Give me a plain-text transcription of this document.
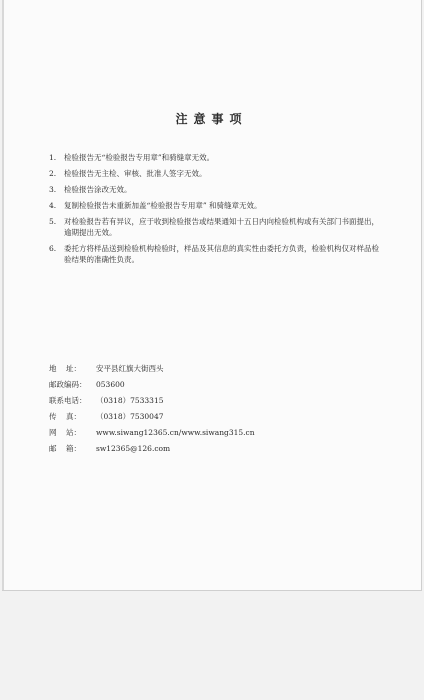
注意事项
1.	检验报告无“检验报告专用章”和骑缝章无效。
2.	检验报告无主检、审核、批准人签字无效。
3.	检验报告涂改无效。
4.	复制检验报告未重新加盖“检验报告专用章” 和骑缝章无效。
5.	对检验报告若有异议，应于收到检验报告或结果通知十五日内向检验机构或有关部门书面提出，逾期提出无效。
6.	委托方将样品送到检验机构检验时，样品及其信息的真实性由委托方负责，检验机构仅对样品检验结果的准确性负责。
地    址：	安平县红旗大街西头
邮政编码：	053600
联系电话：	（0318）7533315
传    真：	（0318）7530047
网    站：	www.siwang12365.cn/www.siwang315.cn
邮    箱：	sw12365@126.com
